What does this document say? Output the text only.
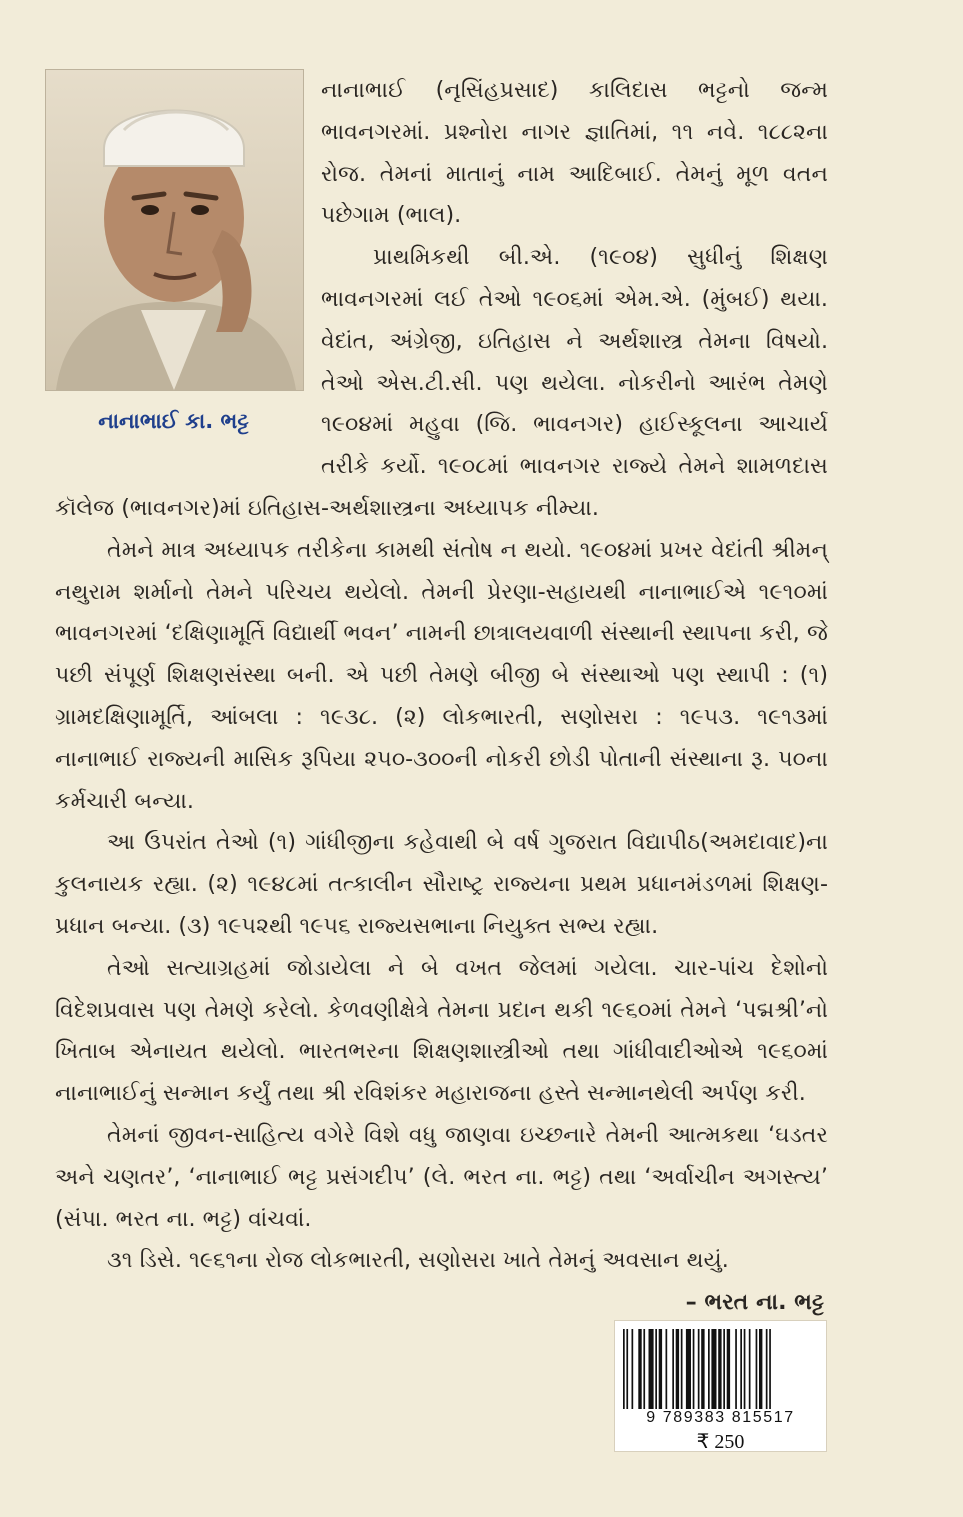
નાનાભાઈ કા. ભટ્ટ

નાનાભાઈ (નૃસિંહપ્રસાદ) કાલિદાસ ભટ્ટનો જન્મ ભાવનગરમાં. પ્રશ્નોરા નાગર જ્ઞાતિમાં, ૧૧ નવે. ૧૮૮૨ના રોજ. તેમનાં માતાનું નામ આદિબાઈ. તેમનું મૂળ વતન પછેગામ (ભાલ).

પ્રાથમિકથી બી.એ. (૧૯૦૪) સુધીનું શિક્ષણ ભાવનગરમાં લઈ તેઓ ૧૯૦૬માં એમ.એ. (મુંબઈ) થયા. વેદાંત, અંગ્રેજી, ઇતિહાસ ને અર્થશાસ્ત્ર તેમના વિષયો. તેઓ એસ.ટી.સી. પણ થયેલા. નોકરીનો આરંભ તેમણે ૧૯૦૪માં મહુવા (જિ. ભાવનગર) હાઈસ્કૂલના આચાર્ય તરીકે કર્યો. ૧૯૦૮માં ભાવનગર રાજ્યે તેમને શામળદાસ કૉલેજ (ભાવનગર)માં ઇતિહાસ-અર્થશાસ્ત્રના અધ્યાપક નીમ્યા.

તેમને માત્ર અધ્યાપક તરીકેના કામથી સંતોષ ન થયો. ૧૯૦૪માં પ્રખર વેદાંતી શ્રીમન્ નથુરામ શર્માનો તેમને પરિચય થયેલો. તેમની પ્રેરણા-સહાયથી નાનાભાઈએ ૧૯૧૦માં ભાવનગરમાં ‘દક્ષિણામૂર્તિ વિદ્યાર્થી ભવન’ નામની છાત્રાલયવાળી સંસ્થાની સ્થાપના કરી, જે પછી સંપૂર્ણ શિક્ષણસંસ્થા બની. એ પછી તેમણે બીજી બે સંસ્થાઓ પણ સ્થાપી : (૧) ગ્રામદક્ષિણામૂર્તિ, આંબલા : ૧૯૩૮. (૨) લોકભારતી, સણોસરા : ૧૯૫૩. ૧૯૧૩માં નાનાભાઈ રાજ્યની માસિક રૂપિયા ૨૫૦-૩૦૦ની નોકરી છોડી પોતાની સંસ્થાના રૂ. ૫૦ના કર્મચારી બન્યા.

આ ઉપરાંત તેઓ (૧) ગાંધીજીના કહેવાથી બે વર્ષ ગુજરાત વિદ્યાપીઠ(અમદાવાદ)ના કુલનાયક રહ્યા. (૨) ૧૯૪૮માં તત્કાલીન સૌરાષ્ટ્ર રાજ્યના પ્રથમ પ્રધાનમંડળમાં શિક્ષણ- પ્રધાન બન્યા. (૩) ૧૯૫૨થી ૧૯૫૬ રાજ્યસભાના નિયુક્ત સભ્ય રહ્યા.

તેઓ સત્યાગ્રહમાં જોડાયેલા ને બે વખત જેલમાં ગયેલા. ચાર-પાંચ દેશોનો વિદેશપ્રવાસ પણ તેમણે કરેલો. કેળવણીક્ષેત્રે તેમના પ્રદાન થકી ૧૯૬૦માં તેમને ‘પદ્મશ્રી’નો ખિતાબ એનાયત થયેલો. ભારતભરના શિક્ષણશાસ્ત્રીઓ તથા ગાંધીવાદીઓએ ૧૯૬૦માં નાનાભાઈનું સન્માન કર્યું તથા શ્રી રવિશંકર મહારાજના હસ્તે સન્માનથેલી અર્પણ કરી.

તેમનાં જીવન-સાહિત્ય વગેરે વિશે વધુ જાણવા ઇચ્છનારે તેમની આત્મકથા ‘ઘડતર અને ચણતર’, ‘નાનાભાઈ ભટ્ટ પ્રસંગદીપ’ (લે. ભરત ના. ભટ્ટ) તથા ‘અર્વાચીન અગસ્ત્ય’ (સંપા. ભરત ના. ભટ્ટ) વાંચવાં.

૩૧ ડિસે. ૧૯૬૧ના રોજ લોકભારતી, સણોસરા ખાતે તેમનું અવસાન થયું.

– ભરત ના. ભટ્ટ
9 789383 815517
₹ 250
